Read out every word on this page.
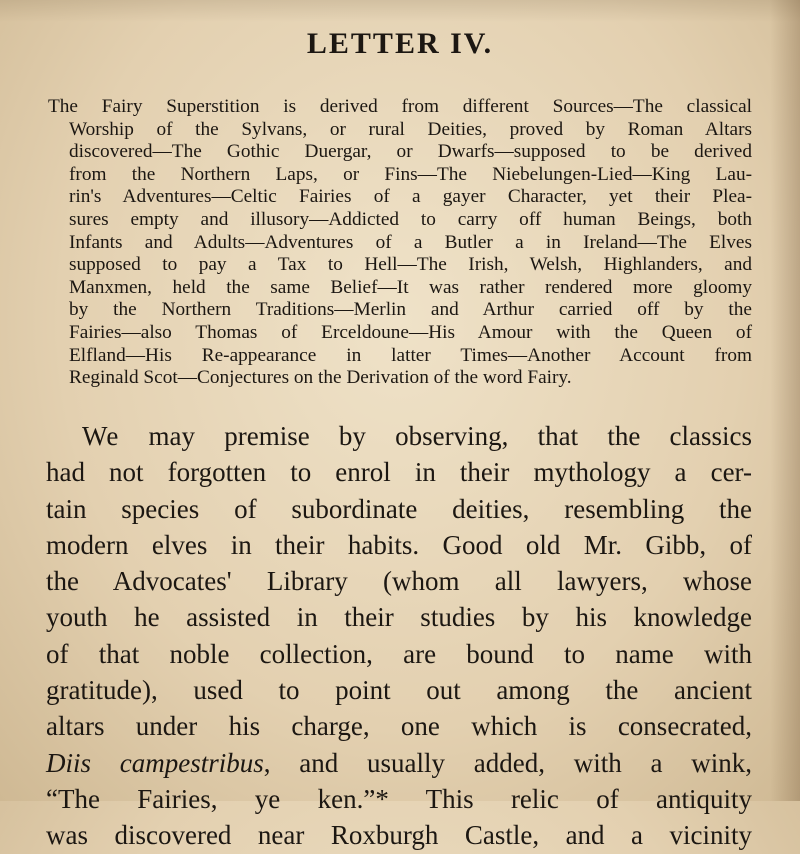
LETTER IV.
The Fairy Superstition is derived from different Sources—The classical
Worship of the Sylvans, or rural Deities, proved by Roman Altars
discovered—The Gothic Duergar, or Dwarfs—supposed to be derived
from the Northern Laps, or Fins—The Niebelungen-Lied—King Lau-
rin's Adventures—Celtic Fairies of a gayer Character, yet their Plea-
sures empty and illusory—Addicted to carry off human Beings, both
Infants and Adults—Adventures of a Butler a in Ireland—The Elves
supposed to pay a Tax to Hell—The Irish, Welsh, Highlanders, and
Manxmen, held the same Belief—It was rather rendered more gloomy
by the Northern Traditions—Merlin and Arthur carried off by the
Fairies—also Thomas of Erceldoune—His Amour with the Queen of
Elfland—His Re-appearance in latter Times—Another Account from
Reginald Scot—Conjectures on the Derivation of the word Fairy.
We may premise by observing, that the classics
had not forgotten to enrol in their mythology a cer-
tain species of subordinate deities, resembling the
modern elves in their habits. Good old Mr. Gibb, of
the Advocates' Library (whom all lawyers, whose
youth he assisted in their studies by his knowledge
of that noble collection, are bound to name with
gratitude), used to point out among the ancient
altars under his charge, one which is consecrated,
Diis campestribus, and usually added, with a wink,
“The Fairies, ye ken.”* This relic of antiquity
was discovered near Roxburgh Castle, and a vicinity
